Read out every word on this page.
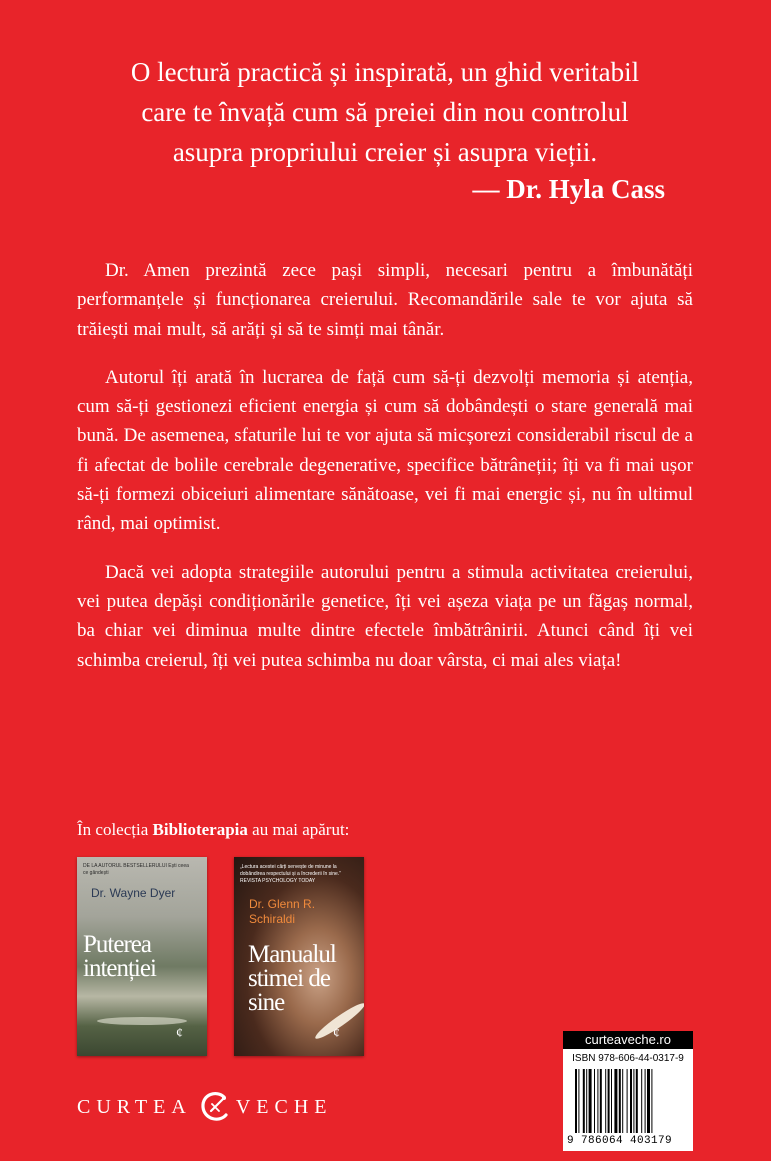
O lectură practică și inspirată, un ghid veritabil
care te învață cum să preiei din nou controlul
asupra propriului creier și asupra vieții.
— Dr. Hyla Cass

Dr. Amen prezintă zece pași simpli, necesari pentru a îmbunătăți performanțele și funcționarea creierului. Recomandările sale te vor ajuta să trăiești mai mult, să arăți și să te simți mai tânăr.

Autorul îți arată în lucrarea de față cum să-ți dezvolți memoria și atenția, cum să-ți gestionezi eficient energia și cum să dobândești o stare generală mai bună. De asemenea, sfaturile lui te vor ajuta să micșorezi considerabil riscul de a fi afectat de bolile cerebrale degenerative, specifice bătrâneții; îți va fi mai ușor să-ți formezi obiceiuri alimentare sănătoase, vei fi mai energic și, nu în ultimul rând, mai optimist.

Dacă vei adopta strategiile autorului pentru a stimula activitatea creierului, vei putea depăși condiționările genetice, îți vei așeza viața pe un făgaș normal, ba chiar vei diminua multe dintre efectele îmbătrânirii. Atunci când îți vei schimba creierul, îți vei putea schimba nu doar vârsta, ci mai ales viața!

În colecția Biblioterapia au mai apărut:
DE LA AUTORUL BESTSELLERULUI Ești ceea ce gândești
Dr. Wayne Dyer
Puterea intenției
ȼ
„Lectura acestei cărți servește de minune la dobândirea respectului și a încrederii în sine.” REVISTA PSYCHOLOGY TODAY
Dr. Glenn R. Schiraldi
Manualul stimei de sine
ȼ
CURTEA VECHE
curteaveche.ro
ISBN 978-606-44-0317-9
9 786064 403179
